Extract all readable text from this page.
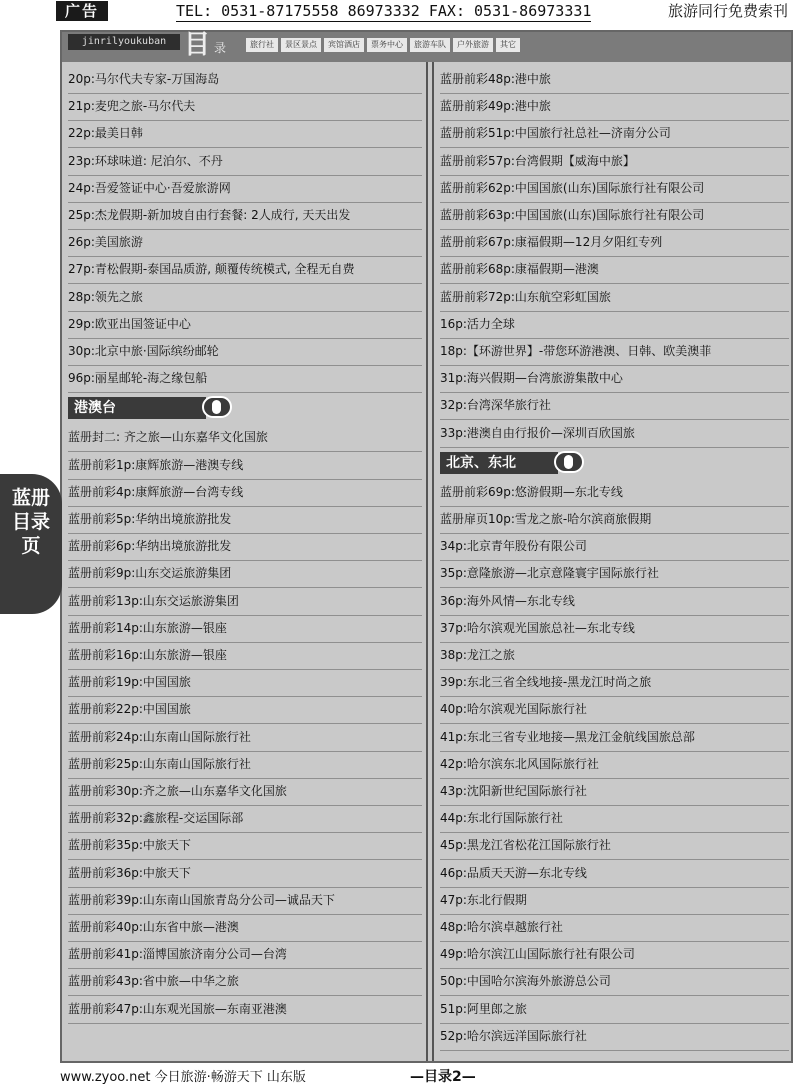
广告	TEL: 0531-87175558 86973332 FAX: 0531-86973331	旅游同行免费索刊
jinrilyoukuban 目 录	旅行社	景区景点	宾馆酒店	票务中心	旅游车队	户外旅游	其它
20p:马尔代夫专家-万国海岛
21p:麦兜之旅-马尔代夫
22p:最美日韩
23p:环球味道: 尼泊尔、不丹
24p:吾爱签证中心·吾爱旅游网
25p:杰龙假期-新加坡自由行套餐: 2人成行, 天天出发
26p:美国旅游
27p:青松假期-泰国品质游, 颠覆传统模式, 全程无自费
28p:领先之旅
29p:欧亚出国签证中心
30p:北京中旅·国际缤纷邮轮
96p:丽星邮轮-海之缘包船
港澳台
蓝册封二: 齐之旅—山东嘉华文化国旅
蓝册前彩1p:康辉旅游—港澳专线
蓝册前彩4p:康辉旅游—台湾专线
蓝册前彩5p:华纳出境旅游批发
蓝册前彩6p:华纳出境旅游批发
蓝册前彩9p:山东交运旅游集团
蓝册前彩13p:山东交运旅游集团
蓝册前彩14p:山东旅游—银座
蓝册前彩16p:山东旅游—银座
蓝册前彩19p:中国国旅
蓝册前彩22p:中国国旅
蓝册前彩24p:山东南山国际旅行社
蓝册前彩25p:山东南山国际旅行社
蓝册前彩30p:齐之旅—山东嘉华文化国旅
蓝册前彩32p:鑫旅程-交运国际部
蓝册前彩35p:中旅天下
蓝册前彩36p:中旅天下
蓝册前彩39p:山东南山国旅青岛分公司—诚品天下
蓝册前彩40p:山东省中旅—港澳
蓝册前彩41p:淄博国旅济南分公司—台湾
蓝册前彩43p:省中旅—中华之旅
蓝册前彩47p:山东观光国旅—东南亚港澳
蓝册前彩48p:港中旅
蓝册前彩49p:港中旅
蓝册前彩51p:中国旅行社总社—济南分公司
蓝册前彩57p:台湾假期【威海中旅】
蓝册前彩62p:中国国旅(山东)国际旅行社有限公司
蓝册前彩63p:中国国旅(山东)国际旅行社有限公司
蓝册前彩67p:康福假期—12月夕阳红专列
蓝册前彩68p:康福假期—港澳
蓝册前彩72p:山东航空彩虹国旅
16p:活力全球
18p:【环游世界】-带您环游港澳、日韩、欧美澳菲
31p:海兴假期—台湾旅游集散中心
32p:台湾深华旅行社
33p:港澳自由行报价—深圳百欣国旅
北京、东北
蓝册前彩69p:悠游假期—东北专线
蓝册扉页10p:雪龙之旅-哈尔滨商旅假期
34p:北京青年股份有限公司
35p:意隆旅游—北京意隆寰宇国际旅行社
36p:海外风情—东北专线
37p:哈尔滨观光国旅总社—东北专线
38p:龙江之旅
39p:东北三省全线地接-黑龙江时尚之旅
40p:哈尔滨观光国际旅行社
41p:东北三省专业地接—黑龙江金航线国旅总部
42p:哈尔滨东北风国际旅行社
43p:沈阳新世纪国际旅行社
44p:东北行国际旅行社
45p:黑龙江省松花江国际旅行社
46p:品质天天游—东北专线
47p:东北行假期
48p:哈尔滨卓越旅行社
49p:哈尔滨江山国际旅行社有限公司
50p:中国哈尔滨海外旅游总公司
51p:阿里郎之旅
52p:哈尔滨远洋国际旅行社
蓝册目录页
www.zyoo.net 今日旅游·畅游天下 山东版	—目录2—
